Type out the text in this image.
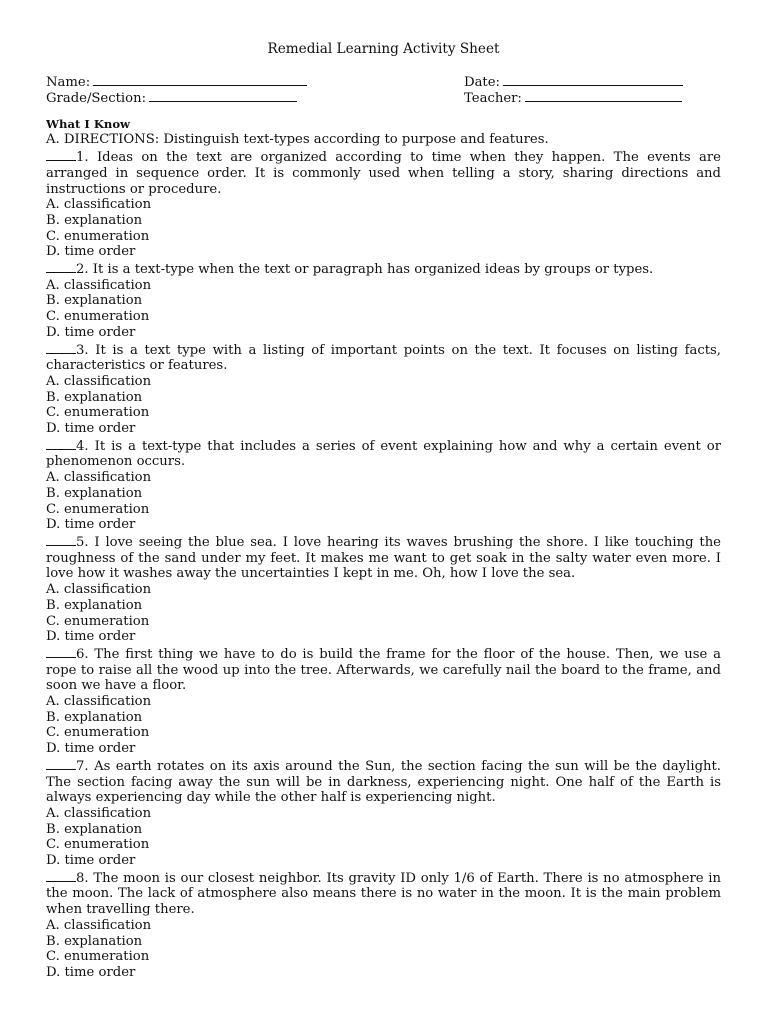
Remedial Learning Activity Sheet
Name:	Date:
Grade/Section:	Teacher:
What I Know
A. DIRECTIONS: Distinguish text-types according to purpose and features.
1. Ideas on the text are organized according to time when they happen. The events are arranged in sequence order. It is commonly used when telling a story, sharing directions and instructions or procedure.
A. classification
B. explanation
C. enumeration
D. time order
2. It is a text-type when the text or paragraph has organized ideas by groups or types.
A. classification
B. explanation
C. enumeration
D. time order
3. It is a text type with a listing of important points on the text. It focuses on listing facts, characteristics or features.
A. classification
B. explanation
C. enumeration
D. time order
4. It is a text-type that includes a series of event explaining how and why a certain event or phenomenon occurs.
A. classification
B. explanation
C. enumeration
D. time order
5. I love seeing the blue sea. I love hearing its waves brushing the shore. I like touching the roughness of the sand under my feet. It makes me want to get soak in the salty water even more. I love how it washes away the uncertainties I kept in me. Oh, how I love the sea.
A. classification
B. explanation
C. enumeration
D. time order
6. The first thing we have to do is build the frame for the floor of the house. Then, we use a rope to raise all the wood up into the tree. Afterwards, we carefully nail the board to the frame, and soon we have a floor.
A. classification
B. explanation
C. enumeration
D. time order
7. As earth rotates on its axis around the Sun, the section facing the sun will be the daylight. The section facing away the sun will be in darkness, experiencing night. One half of the Earth is always experiencing day while the other half is experiencing night.
A. classification
B. explanation
C. enumeration
D. time order
8. The moon is our closest neighbor. Its gravity ID only 1/6 of Earth. There is no atmosphere in the moon. The lack of atmosphere also means there is no water in the moon. It is the main problem when travelling there.
A. classification
B. explanation
C. enumeration
D. time order
